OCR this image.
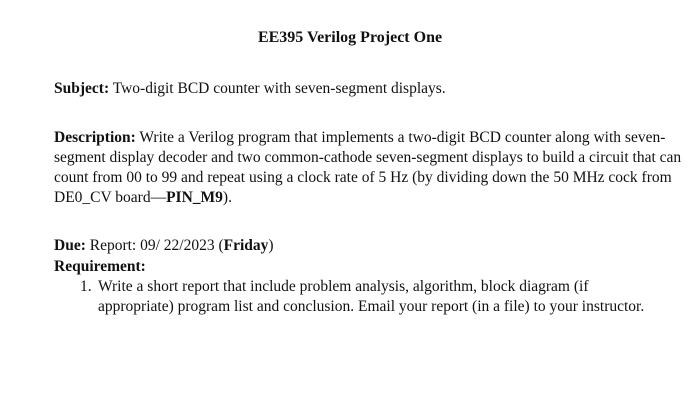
EE395 Verilog Project One

Subject: Two-digit BCD counter with seven-segment displays.

Description: Write a Verilog program that implements a two-digit BCD counter along with seven-segment display decoder and two common-cathode seven-segment displays to build a circuit that can count from 00 to 99 and repeat using a clock rate of 5 Hz (by dividing down the 50 MHz cock from DE0_CV board—PIN_M9).

Due: Report: 09/ 22/2023 (Friday)

Requirement:

1. Write a short report that include problem analysis, algorithm, block diagram (if appropriate) program list and conclusion. Email your report (in a file) to your instructor.
